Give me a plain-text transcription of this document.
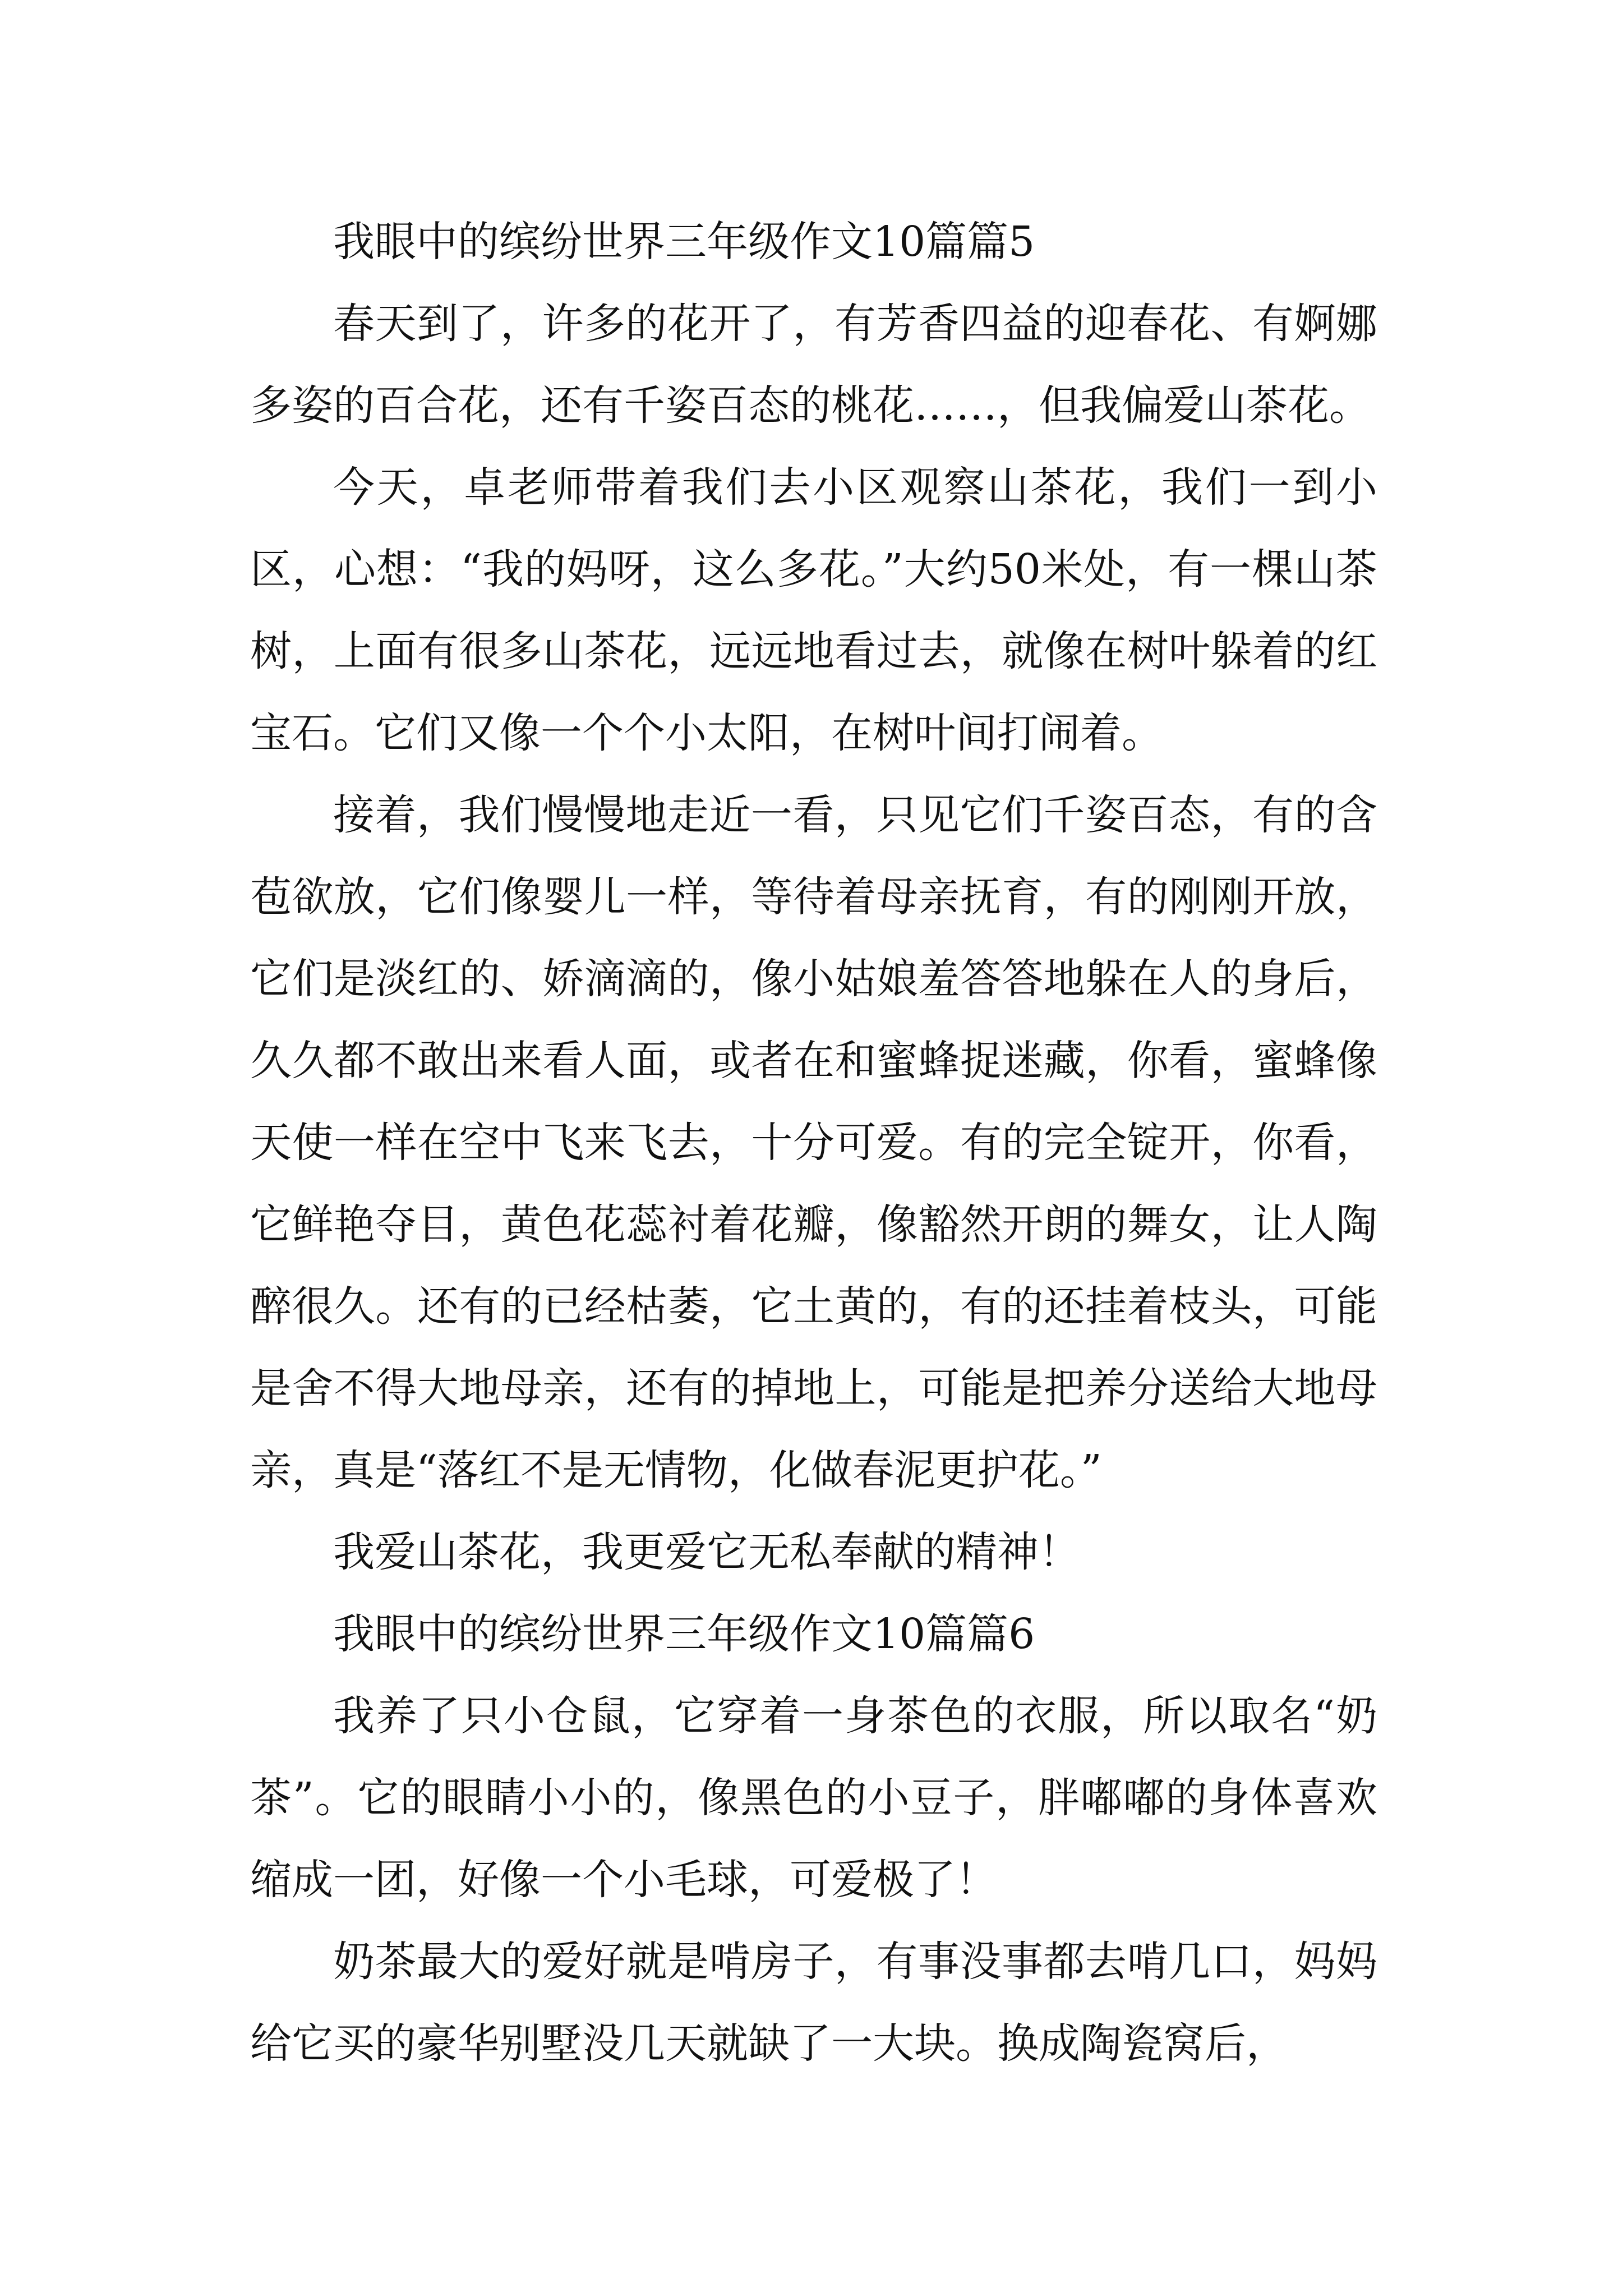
我眼中的缤纷世界三年级作文10篇篇5

春天到了，许多的花开了，有芳香四益的迎春花、有婀娜多姿的百合花，还有千姿百态的桃花……，但我偏爱山茶花。

今天，卓老师带着我们去小区观察山茶花，我们一到小区，心想：“我的妈呀，这么多花。”大约50米处，有一棵山茶树，上面有很多山茶花，远远地看过去，就像在树叶躲着的红宝石。它们又像一个个小太阳，在树叶间打闹着。

接着，我们慢慢地走近一看，只见它们千姿百态，有的含苞欲放，它们像婴儿一样，等待着母亲抚育，有的刚刚开放，它们是淡红的、娇滴滴的，像小姑娘羞答答地躲在人的身后，久久都不敢出来看人面，或者在和蜜蜂捉迷藏，你看，蜜蜂像天使一样在空中飞来飞去，十分可爱。有的完全锭开，你看，它鲜艳夺目，黄色花蕊衬着花瓣，像豁然开朗的舞女，让人陶醉很久。还有的已经枯萎，它土黄的，有的还挂着枝头，可能是舍不得大地母亲，还有的掉地上，可能是把养分送给大地母亲，真是“落红不是无情物，化做春泥更护花。”

我爱山茶花，我更爱它无私奉献的精神！

我眼中的缤纷世界三年级作文10篇篇6

我养了只小仓鼠，它穿着一身茶色的衣服，所以取名“奶茶”。它的眼睛小小的，像黑色的小豆子，胖嘟嘟的身体喜欢缩成一团，好像一个小毛球，可爱极了！

奶茶最大的爱好就是啃房子，有事没事都去啃几口，妈妈给它买的豪华别墅没几天就缺了一大块。换成陶瓷窝后，
